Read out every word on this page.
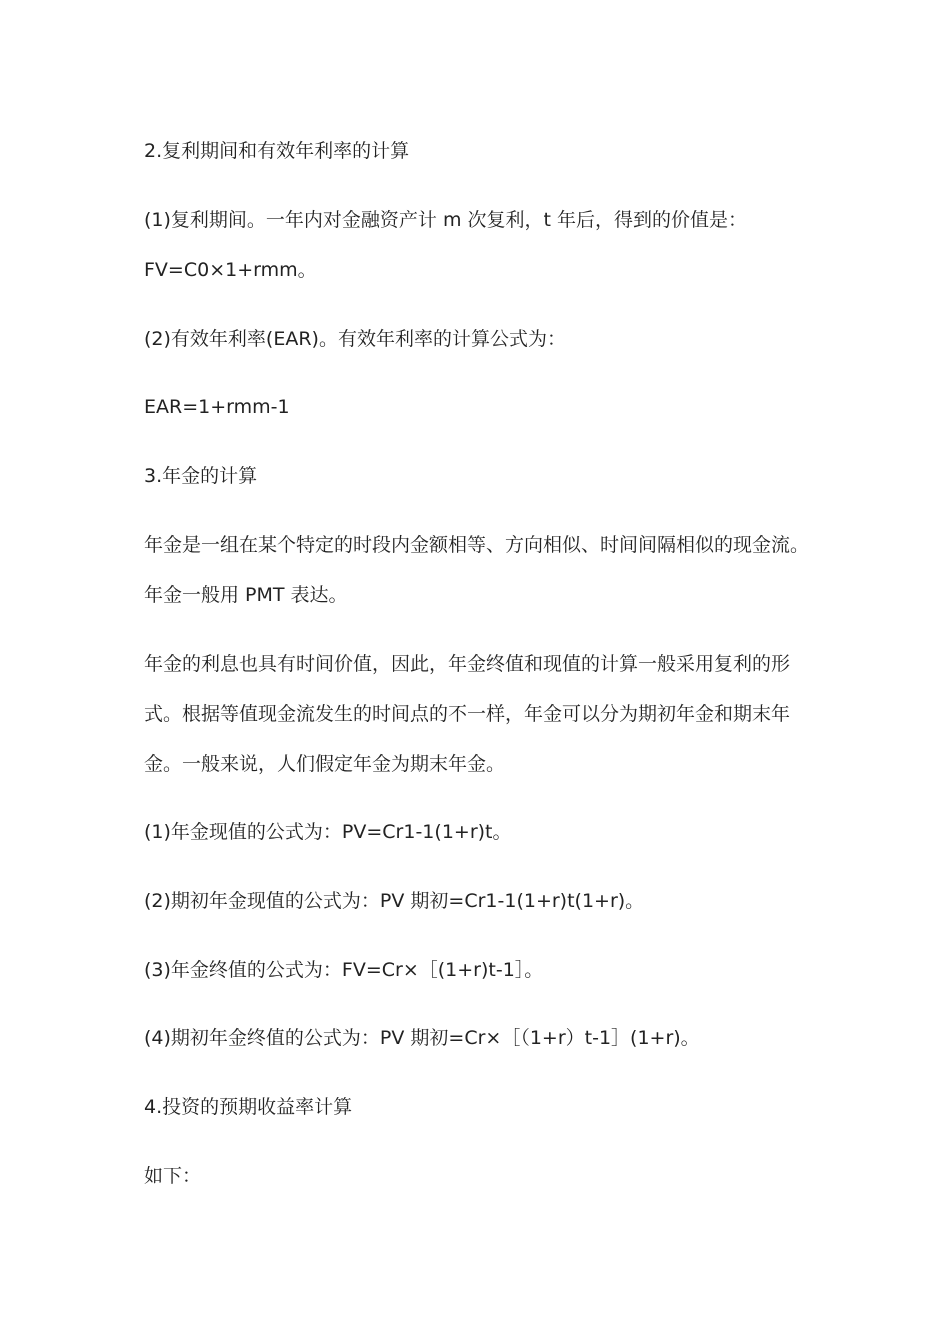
2.复利期间和有效年利率的计算
(1)复利期间。一年内对金融资产计 m 次复利，t 年后，得到的价值是：
FV=C0×1+rmm。
(2)有效年利率(EAR)。有效年利率的计算公式为：
EAR=1+rmm-1
3.年金的计算
年金是一组在某个特定的时段内金额相等、方向相似、时间间隔相似的现金流。
年金一般用 PMT 表达。
年金的利息也具有时间价值，因此，年金终值和现值的计算一般采用复利的形
式。根据等值现金流发生的时间点的不一样，年金可以分为期初年金和期末年
金。一般来说，人们假定年金为期末年金。
(1)年金现值的公式为：PV=Cr1-1(1+r)t。
(2)期初年金现值的公式为：PV 期初=Cr1-1(1+r)t(1+r)。
(3)年金终值的公式为：FV=Cr×［(1+r)t-1］。
(4)期初年金终值的公式为：PV 期初=Cr×［（1+r）t-1］(1+r)。
4.投资的预期收益率计算
如下：
